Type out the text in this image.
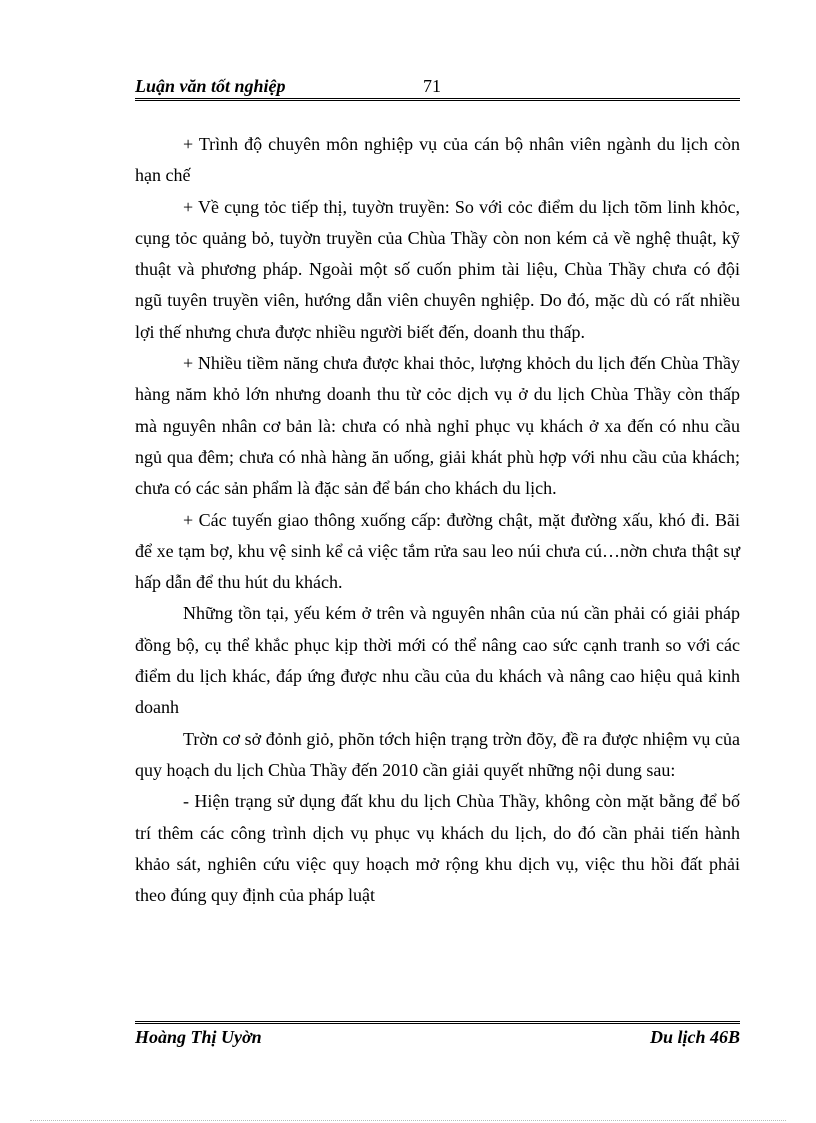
Luận văn tốt nghiệp	71

+ Trình độ chuyên môn nghiệp vụ của cán bộ nhân viên ngành du lịch còn hạn chế

+ Về cụng tỏc tiếp thị, tuyờn truyền: So với cỏc điểm du lịch tõm linh khỏc, cụng tỏc quảng bỏ, tuyờn truyền của Chùa Thầy còn non kém cả về nghệ thuật, kỹ thuật và phương pháp. Ngoài một số cuốn phim tài liệu, Chùa Thầy chưa có đội ngũ tuyên truyền viên, hướng dẫn viên chuyên nghiệp. Do đó, mặc dù có rất nhiều lợi thế nhưng chưa được nhiều người biết đến, doanh thu thấp.

+ Nhiều tiềm năng chưa được khai thỏc, lượng khỏch du lịch đến Chùa Thầy hàng năm khỏ lớn nhưng doanh thu từ cỏc dịch vụ ở du lịch Chùa Thầy còn thấp mà nguyên nhân cơ bản là: chưa có nhà nghỉ phục vụ khách ở xa đến có nhu cầu ngủ qua đêm; chưa có nhà hàng ăn uống, giải khát phù hợp với nhu cầu của khách; chưa có các sản phẩm là đặc sản để bán cho khách du lịch.

+ Các tuyến giao thông xuống cấp: đường chật, mặt đường xấu, khó đi. Bãi để xe tạm bợ, khu vệ sinh kể cả việc tắm rửa sau leo núi chưa cú…nờn chưa thật sự hấp dẫn để thu hút du khách.

Những tồn tại, yếu kém ở trên và nguyên nhân của nú cần phải có giải pháp đồng bộ, cụ thể khắc phục kịp thời mới có thể nâng cao sức cạnh tranh so với các điểm du lịch khác, đáp ứng được nhu cầu của du khách và nâng cao hiệu quả kinh doanh

Trờn cơ sở đỏnh giỏ, phõn tớch hiện trạng trờn đõy, đề ra được nhiệm vụ của quy hoạch du lịch Chùa Thầy đến 2010 cần giải quyết những nội dung sau:

- Hiện trạng sử dụng đất khu du lịch Chùa Thầy, không còn mặt bằng để bố trí thêm các công trình dịch vụ phục vụ khách du lịch, do đó cần phải tiến hành khảo sát, nghiên cứu việc quy hoạch mở rộng khu dịch vụ, việc thu hồi đất phải theo đúng quy định của pháp luật

Hoàng Thị Uyờn	Du lịch 46B
